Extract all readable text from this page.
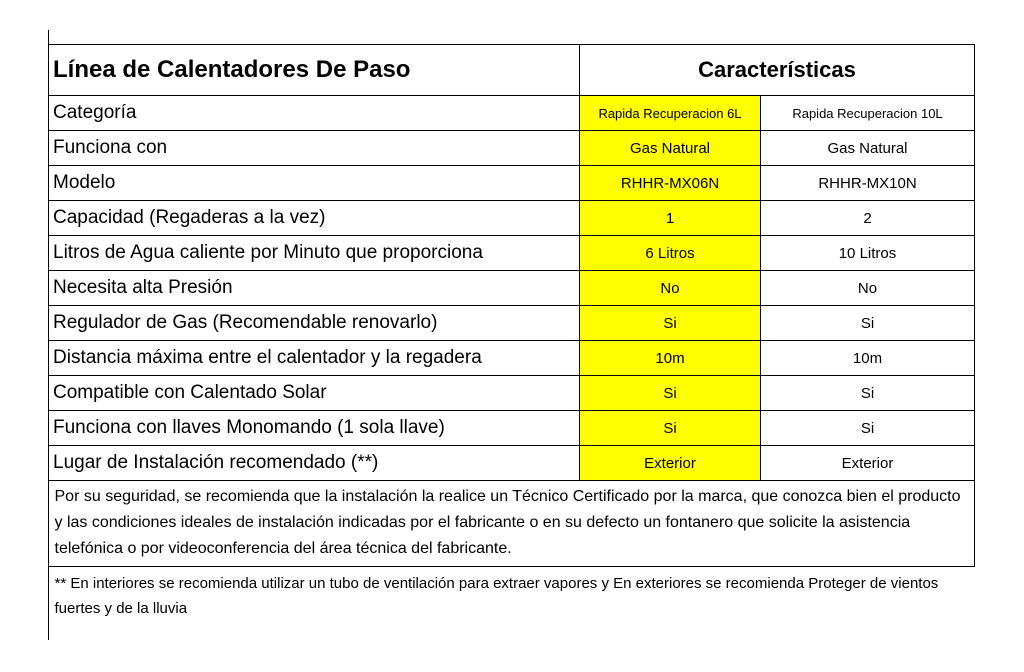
Línea de Calentadores De Paso	Características	
Categoría	Rapida Recuperacion 6L	Rapida Recuperacion 10L
Funciona con	Gas Natural	Gas Natural
Modelo	RHHR-MX06N	RHHR-MX10N
Capacidad (Regaderas a la vez)	1	2
Litros de Agua caliente por Minuto que proporciona	6 Litros	10 Litros
Necesita alta Presión	No	No
Regulador de Gas (Recomendable renovarlo)	Si	Si
Distancia máxima entre el calentador y la regadera	10m	10m
Compatible con Calentado Solar	Si	Si
Funciona con llaves Monomando (1 sola llave)	Si	Si
Lugar de Instalación recomendado (**)	Exterior	Exterior
Por su seguridad, se recomienda que la instalación la realice un Técnico Certificado por la marca, que conozca bien el producto y las condiciones ideales de instalación indicadas por el fabricante o en su defecto un fontanero que solicite la asistencia telefónica o por videoconferencia del área técnica del fabricante.		
** En interiores se recomienda utilizar un tubo de ventilación para extraer vapores y En exteriores se recomienda Proteger de vientos fuertes y de la lluvia		
